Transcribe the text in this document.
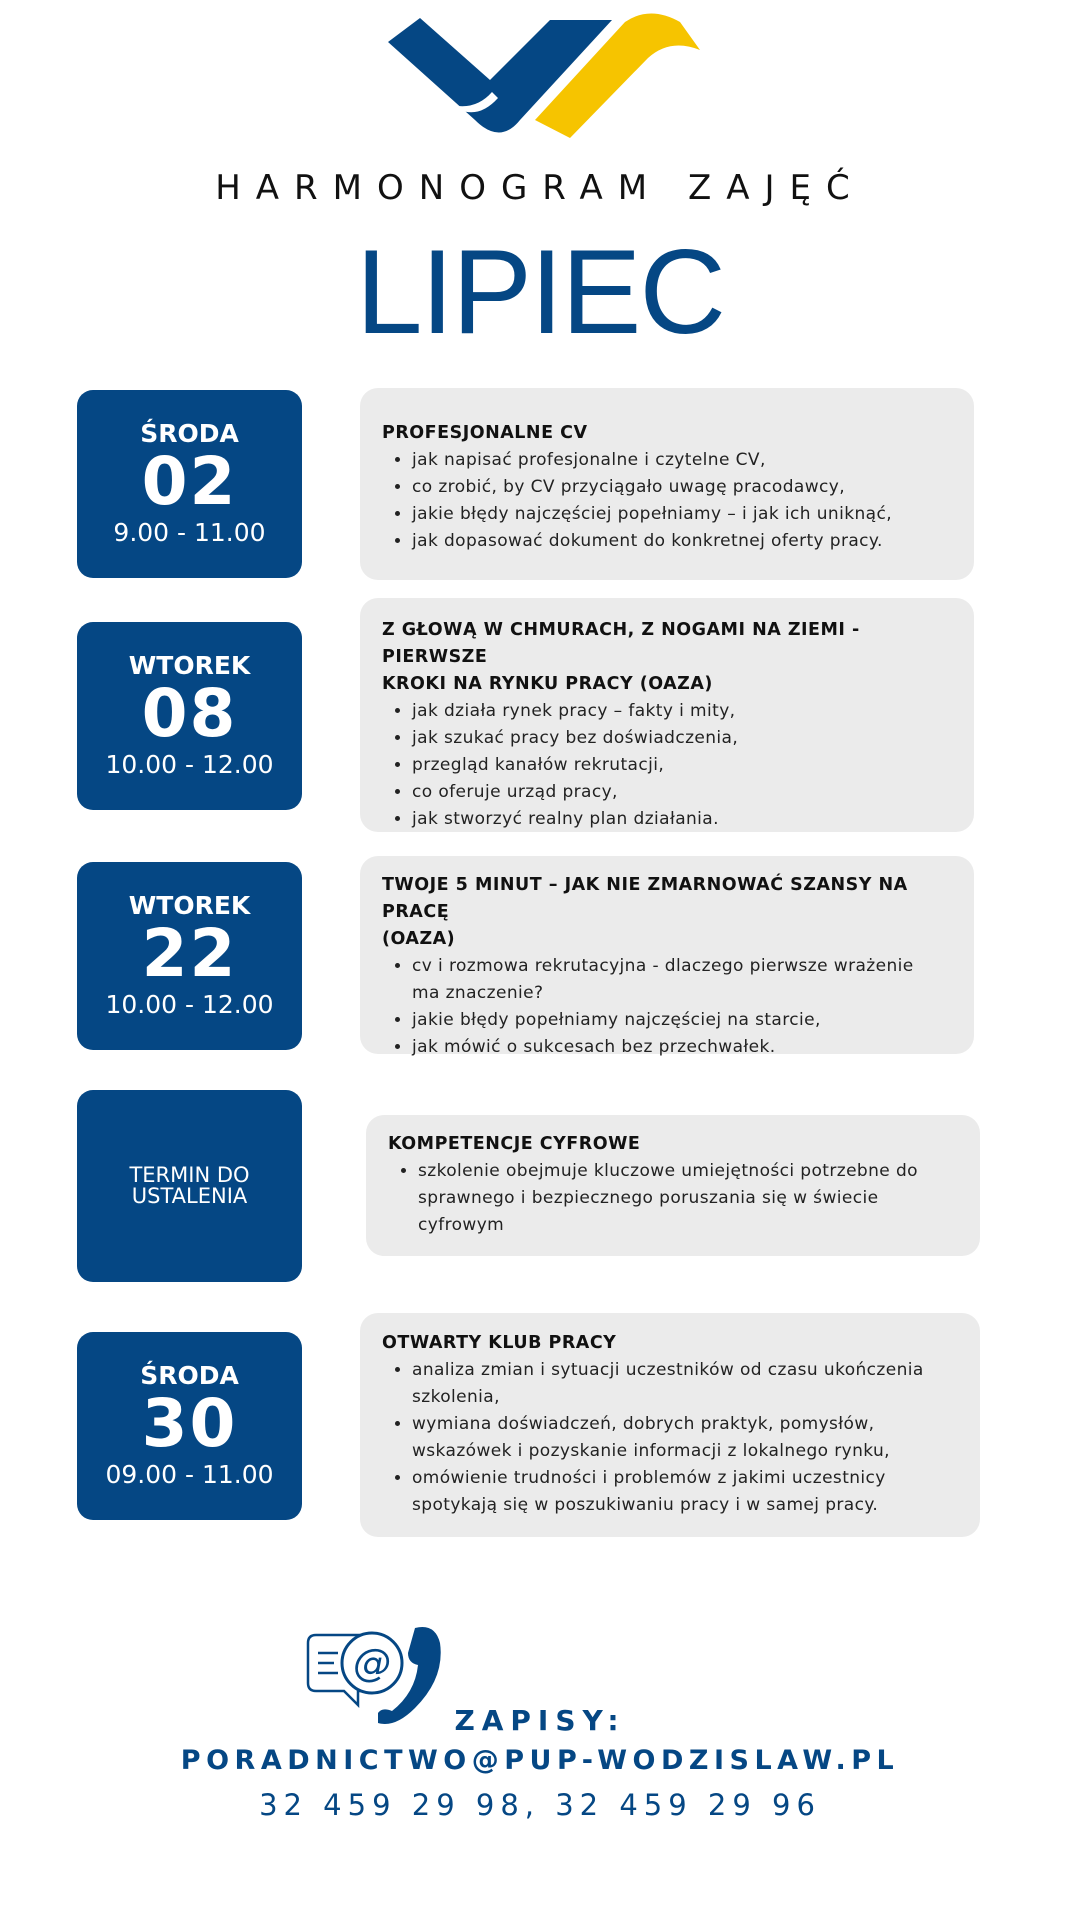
HARMONOGRAM ZAJĘĆ
LIPIEC
ŚRODA
02
9.00 - 11.00
PROFESJONALNE CV
• jak napisać profesjonalne i czytelne CV,
• co zrobić, by CV przyciągało uwagę pracodawcy,
• jakie błędy najczęściej popełniamy – i jak ich uniknąć,
• jak dopasować dokument do konkretnej oferty pracy.
WTOREK
08
10.00 - 12.00
Z GŁOWĄ W CHMURACH, Z NOGAMI NA ZIEMI - PIERWSZE
KROKI NA RYNKU PRACY (OAZA)
• jak działa rynek pracy – fakty i mity,
• jak szukać pracy bez doświadczenia,
• przegląd kanałów rekrutacji,
• co oferuje urząd pracy,
• jak stworzyć realny plan działania.
WTOREK
22
10.00 - 12.00
TWOJE 5 MINUT – JAK NIE ZMARNOWAĆ SZANSY NA PRACĘ
(OAZA)
• cv i rozmowa rekrutacyjna - dlaczego pierwsze wrażenie
ma znaczenie?
• jakie błędy popełniamy najczęściej na starcie,
• jak mówić o sukcesach bez przechwałek.
TERMIN DO
USTALENIA
KOMPETENCJE CYFROWE
• szkolenie obejmuje kluczowe umiejętności potrzebne do
sprawnego i bezpiecznego poruszania się w świecie
cyfrowym
ŚRODA
30
09.00 - 11.00
OTWARTY KLUB PRACY
• analiza zmian i sytuacji uczestników od czasu ukończenia
szkolenia,
• wymiana doświadczeń, dobrych praktyk, pomysłów,
wskazówek i pozyskanie informacji z lokalnego rynku,
• omówienie trudności i problemów z jakimi uczestnicy
spotykają się w poszukiwaniu pracy i w samej pracy.
@
ZAPISY:
PORADNICTWO@PUP-WODZISLAW.PL
32 459 29 98, 32 459 29 96
